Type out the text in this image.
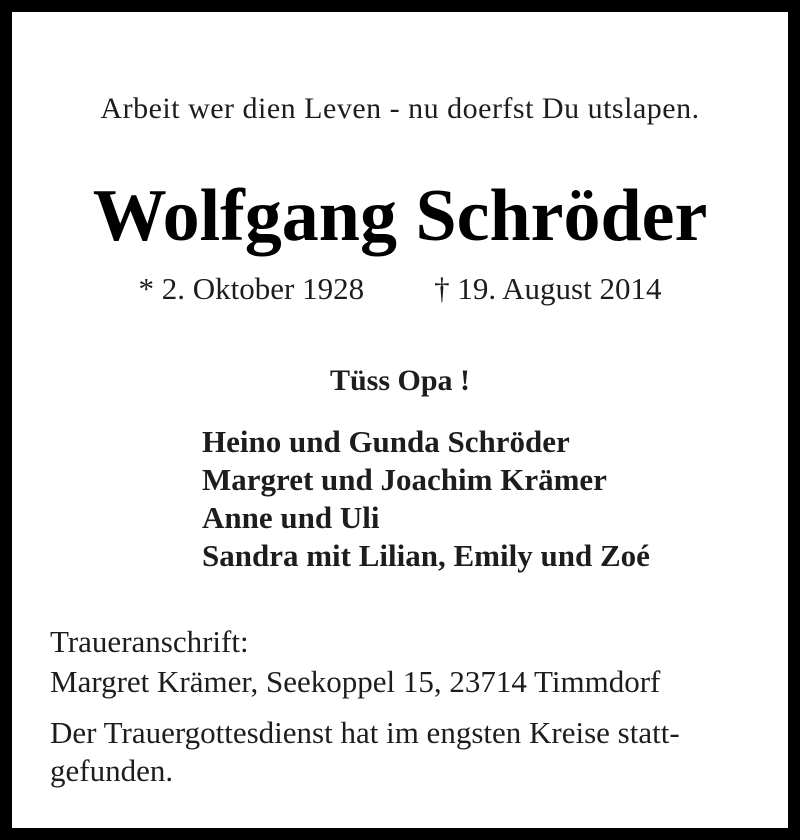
Arbeit wer dien Leven - nu doerfst Du utslapen.

Wolfgang Schröder
* 2. Oktober 1928 † 19. August 2014

Tüss Opa !

Heino und Gunda Schröder
Margret und Joachim Krämer
Anne und Uli
Sandra mit Lilian, Emily und Zoé
Traueranschrift:
Margret Krämer, Seekoppel 15, 23714 Timmdorf
Der Trauergottesdienst hat im engsten Kreise statt-
gefunden.
